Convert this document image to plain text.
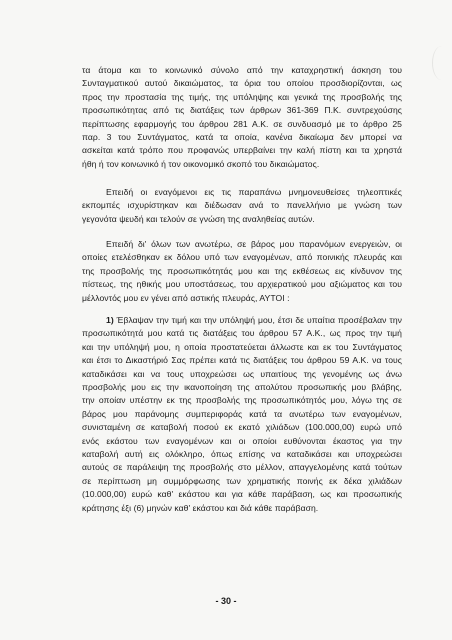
τα άτομα και το κοινωνικό σύνολο από την καταχρηστική άσκηση του
Συνταγματικού αυτού δικαιώματος, τα όρια του οποίου προσδιορίζονται, ως
προς την προστασία της τιμής, της υπόληψης και γενικά της προσβολής της
προσωπικότητας από τις διατάξεις των άρθρων 361-369 Π.Κ. συντρεχούσης
περίπτωσης εφαρμογής του άρθρου 281 Α.Κ. σε συνδυασμό με το άρθρο 25
παρ. 3 του Συντάγματος, κατά τα οποία, κανένα δικαίωμα δεν μπορεί να
ασκείται κατά τρόπο που προφανώς υπερβαίνει την καλή πίστη και τα χρηστά
ήθη ή τον κοινωνικό ή τον οικονομικό σκοπό του δικαιώματος.
Επειδή οι εναγόμενοι εις τις παραπάνω μνημονευθείσες τηλεοπτικές
εκπομπές ισχυρίστηκαν και διέδωσαν ανά το πανελλήνιο με γνώση των
γεγονότα ψευδή και τελούν σε γνώση της αναληθείας αυτών.
Επειδή δι' όλων των ανωτέρω, σε βάρος μου παρανόμων ενεργειών, οι
οποίες ετελέσθηκαν εκ δόλου υπό των εναγομένων, από ποινικής πλευράς και
της προσβολής της προσωπικότητάς μου και της εκθέσεως εις κίνδυνον της
πίστεως, της ηθικής μου υποστάσεως, του αρχιερατικού μου αξιώματος και του
μέλλοντός μου εν γένει από αστικής πλευράς, ΑΥΤΟΙ :
1) Έβλαψαν την τιμή και την υπόληψή μου, έτσι δε υπαίτια προσέβαλαν την
προσωπικότητά μου κατά τις διατάξεις του άρθρου 57 Α.Κ., ως προς την τιμή
και την υπόληψή μου, η οποία προστατεύεται άλλωστε και εκ του Συντάγματος
και έτσι το Δικαστήριό Σας πρέπει κατά τις διατάξεις του άρθρου 59 Α.Κ. να τους
καταδικάσει και να τους υποχρεώσει ως υπαιτίους της γενομένης ως άνω
προσβολής μου εις την ικανοποίηση της απολύτου προσωπικής μου βλάβης,
την οποίαν υπέστην εκ της προσβολής της προσωπικότητός μου, λόγω της σε
βάρος μου παράνομης συμπεριφοράς κατά τα ανωτέρω των εναγομένων,
συνισταμένη σε καταβολή ποσού εκ εκατό χιλιάδων (100.000,00) ευρώ υπό
ενός εκάστου των εναγομένων και οι οποίοι ευθύνονται έκαστος για την
καταβολή αυτή εις ολόκληρο, όπως επίσης να καταδικάσει και υποχρεώσει
αυτούς σε παράλειψη της προσβολής στο μέλλον, απαγγελομένης κατά τούτων
σε περίπτωση μη συμμόρφωσης των χρηματικής ποινής εκ δέκα χιλιάδων
(10.000,00) ευρώ καθ' εκάστου και για κάθε παράβαση, ως και προσωπικής
κράτησης έξι (6) μηνών καθ' εκάστου και διά κάθε παράβαση.
- 30 -
